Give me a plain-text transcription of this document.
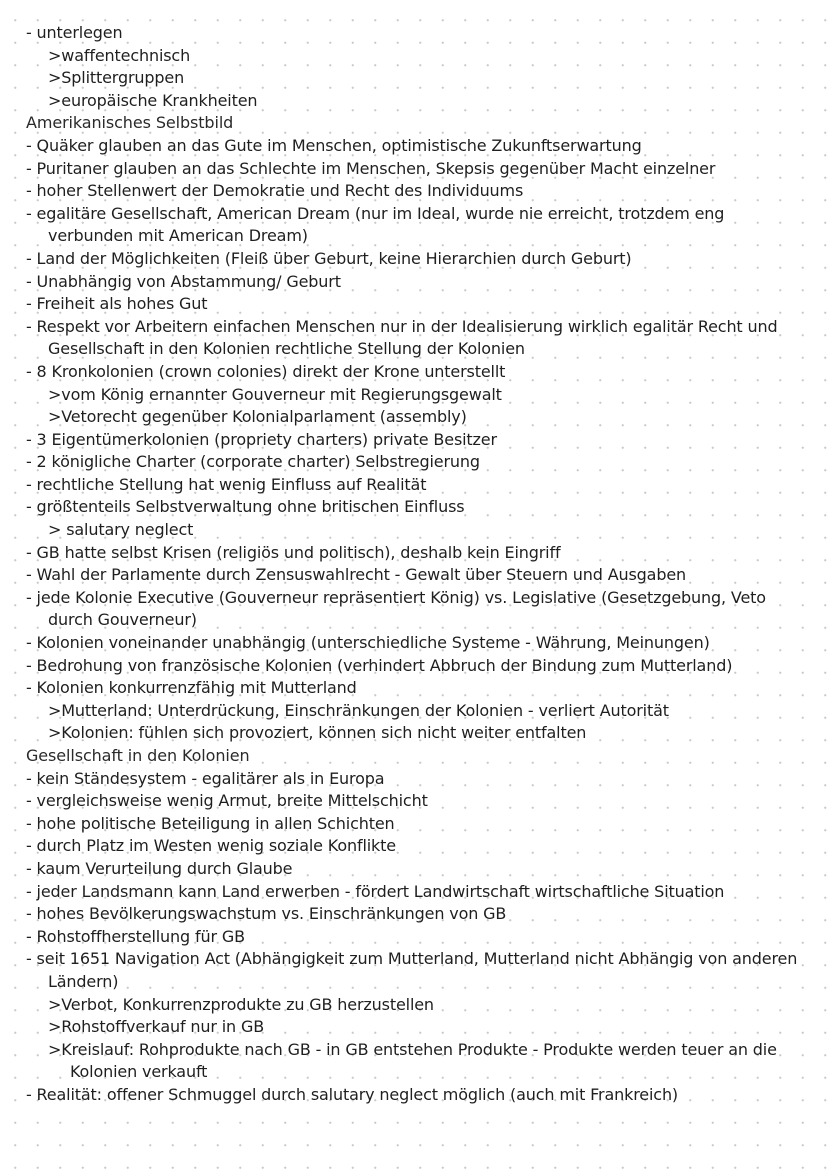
- unterlegen
>waffentechnisch
>Splittergruppen
>europäische Krankheiten
Amerikanisches Selbstbild
- Quäker glauben an das Gute im Menschen, optimistische Zukunftserwartung
- Puritaner glauben an das Schlechte im Menschen, Skepsis gegenüber Macht einzelner
- hoher Stellenwert der Demokratie und Recht des Individuums
- egalitäre Gesellschaft, American Dream (nur im Ideal, wurde nie erreicht, trotzdem eng
verbunden mit American Dream)
- Land der Möglichkeiten (Fleiß über Geburt, keine Hierarchien durch Geburt)
- Unabhängig von Abstammung/ Geburt
- Freiheit als hohes Gut
- Respekt vor Arbeitern einfachen Menschen nur in der Idealisierung wirklich egalitär Recht und
Gesellschaft in den Kolonien rechtliche Stellung der Kolonien
- 8 Kronkolonien (crown colonies) direkt der Krone unterstellt
>vom König ernannter Gouverneur mit Regierungsgewalt
>Vetorecht gegenüber Kolonialparlament (assembly)
- 3 Eigentümerkolonien (propriety charters) private Besitzer
- 2 königliche Charter (corporate charter) Selbstregierung
- rechtliche Stellung hat wenig Einfluss auf Realität
- größtenteils Selbstverwaltung ohne britischen Einfluss
> salutary neglect
- GB hatte selbst Krisen (religiös und politisch), deshalb kein Eingriff
- Wahl der Parlamente durch Zensuswahlrecht - Gewalt über Steuern und Ausgaben
- jede Kolonie Executive (Gouverneur repräsentiert König) vs. Legislative (Gesetzgebung, Veto
durch Gouverneur)
- Kolonien voneinander unabhängig (unterschiedliche Systeme - Währung, Meinungen)
- Bedrohung von französische Kolonien (verhindert Abbruch der Bindung zum Mutterland)
- Kolonien konkurrenzfähig mit Mutterland
>Mutterland: Unterdrückung, Einschränkungen der Kolonien - verliert Autorität
>Kolonien: fühlen sich provoziert, können sich nicht weiter entfalten
Gesellschaft in den Kolonien
- kein Ständesystem - egalitärer als in Europa
- vergleichsweise wenig Armut, breite Mittelschicht
- hohe politische Beteiligung in allen Schichten
- durch Platz im Westen wenig soziale Konflikte
- kaum Verurteilung durch Glaube
- jeder Landsmann kann Land erwerben - fördert Landwirtschaft wirtschaftliche Situation
- hohes Bevölkerungswachstum vs. Einschränkungen von GB
- Rohstoffherstellung für GB
- seit 1651 Navigation Act (Abhängigkeit zum Mutterland, Mutterland nicht Abhängig von anderen
Ländern)
>Verbot, Konkurrenzprodukte zu GB herzustellen
>Rohstoffverkauf nur in GB
>Kreislauf: Rohprodukte nach GB - in GB entstehen Produkte - Produkte werden teuer an die
Kolonien verkauft
- Realität: offener Schmuggel durch salutary neglect möglich (auch mit Frankreich)
